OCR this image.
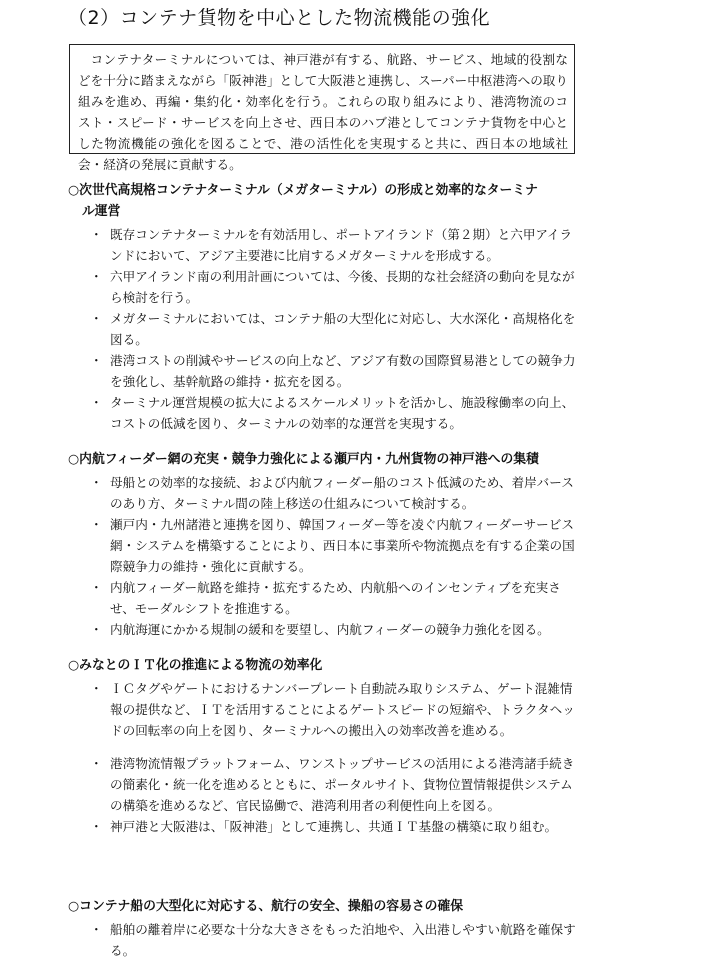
（2）コンテナ貨物を中心とした物流機能の強化
コンテナターミナルについては、神戸港が有する、航路、サービス、地域的役割などを十分に踏まえながら「阪神港」として大阪港と連携し、スーパー中枢港湾への取り組みを進め、再編・集約化・効率化を行う。これらの取り組みにより、港湾物流のコスト・スピード・サービスを向上させ、西日本のハブ港としてコンテナ貨物を中心とした物流機能の強化を図ることで、港の活性化を実現すると共に、西日本の地域社会・経済の発展に貢献する。
○次世代高規格コンテナターミナル（メガターミナル）の形成と効率的なターミナ
ル運営
・ 既存コンテナターミナルを有効活用し、ポートアイランド（第２期）と六甲アイランドにおいて、アジア主要港に比肩するメガターミナルを形成する。
・ 六甲アイランド南の利用計画については、今後、長期的な社会経済の動向を見ながら検討を行う。
・ メガターミナルにおいては、コンテナ船の大型化に対応し、大水深化・高規格化を図る。
・ 港湾コストの削減やサービスの向上など、アジア有数の国際貿易港としての競争力を強化し、基幹航路の維持・拡充を図る。
・ ターミナル運営規模の拡大によるスケールメリットを活かし、施設稼働率の向上、コストの低減を図り、ターミナルの効率的な運営を実現する。
○内航フィーダー網の充実・競争力強化による瀬戸内・九州貨物の神戸港への集積
・ 母船との効率的な接続、および内航フィーダー船のコスト低減のため、着岸バースのあり方、ターミナル間の陸上移送の仕組みについて検討する。
・ 瀬戸内・九州諸港と連携を図り、韓国フィーダー等を凌ぐ内航フィーダーサービス網・システムを構築することにより、西日本に事業所や物流拠点を有する企業の国際競争力の維持・強化に貢献する。
・ 内航フィーダー航路を維持・拡充するため、内航船へのインセンティブを充実させ、モーダルシフトを推進する。
・ 内航海運にかかる規制の緩和を要望し、内航フィーダーの競争力強化を図る。
○みなとのＩＴ化の推進による物流の効率化
・ ＩＣタグやゲートにおけるナンバープレート自動読み取りシステム、ゲート混雑情報の提供など、ＩＴを活用することによるゲートスピードの短縮や、トラクタヘッドの回転率の向上を図り、ターミナルへの搬出入の効率改善を進める。
・ 港湾物流情報プラットフォーム、ワンストップサービスの活用による港湾諸手続きの簡素化・統一化を進めるとともに、ポータルサイト、貨物位置情報提供システムの構築を進めるなど、官民協働で、港湾利用者の利便性向上を図る。
・ 神戸港と大阪港は、「阪神港」として連携し、共通ＩＴ基盤の構築に取り組む。
○コンテナ船の大型化に対応する、航行の安全、操船の容易さの確保
・ 船舶の離着岸に必要な十分な大きさをもった泊地や、入出港しやすい航路を確保する。
